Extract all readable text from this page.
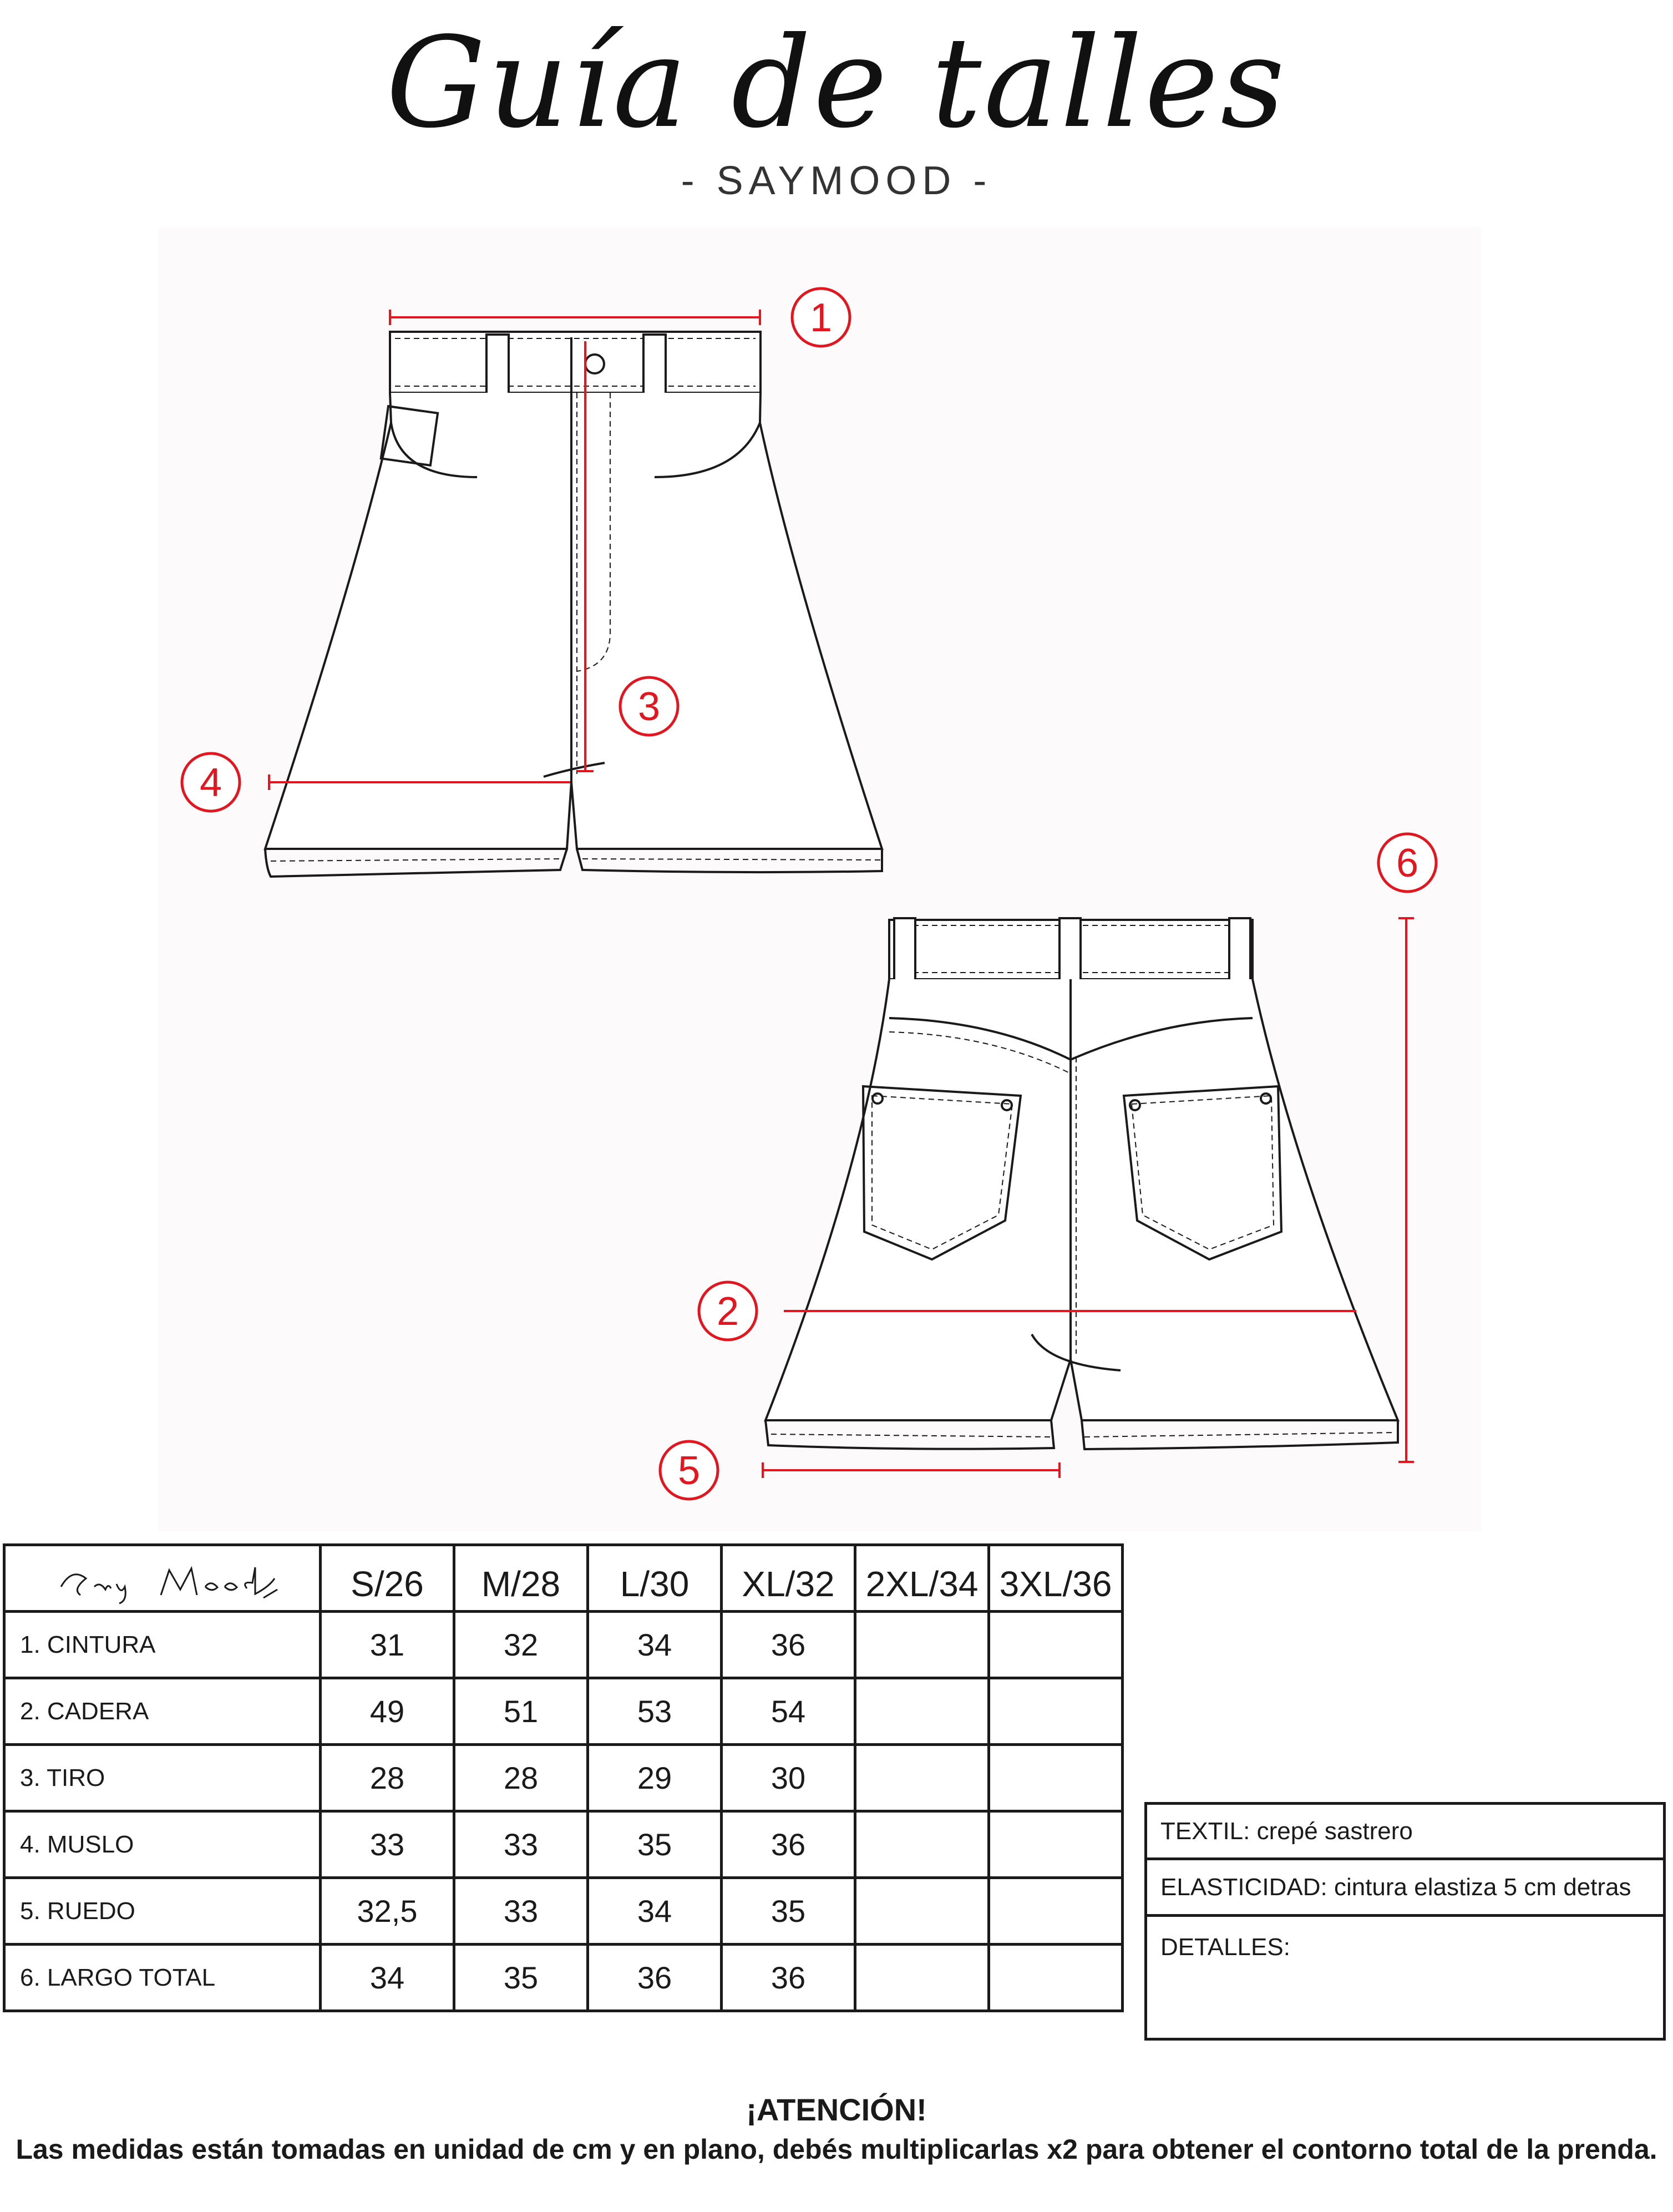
Guía de talles
- SAYMOOD -
1
2
3
4
5
6
	S/26	M/28	L/30	XL/32	2XL/34	3XL/36
1. CINTURA	31	32	34	36		
2. CADERA	49	51	53	54		
3. TIRO	28	28	29	30		
4. MUSLO	33	33	35	36		
5. RUEDO	32,5	33	34	35		
6. LARGO TOTAL	34	35	36	36		
TEXTIL: crepé sastrero
ELASTICIDAD: cintura elastiza 5 cm detras
DETALLES:
¡ATENCIÓN!
Las medidas están tomadas en unidad de cm y en plano, debés multiplicarlas x2 para obtener el contorno total de la prenda.
